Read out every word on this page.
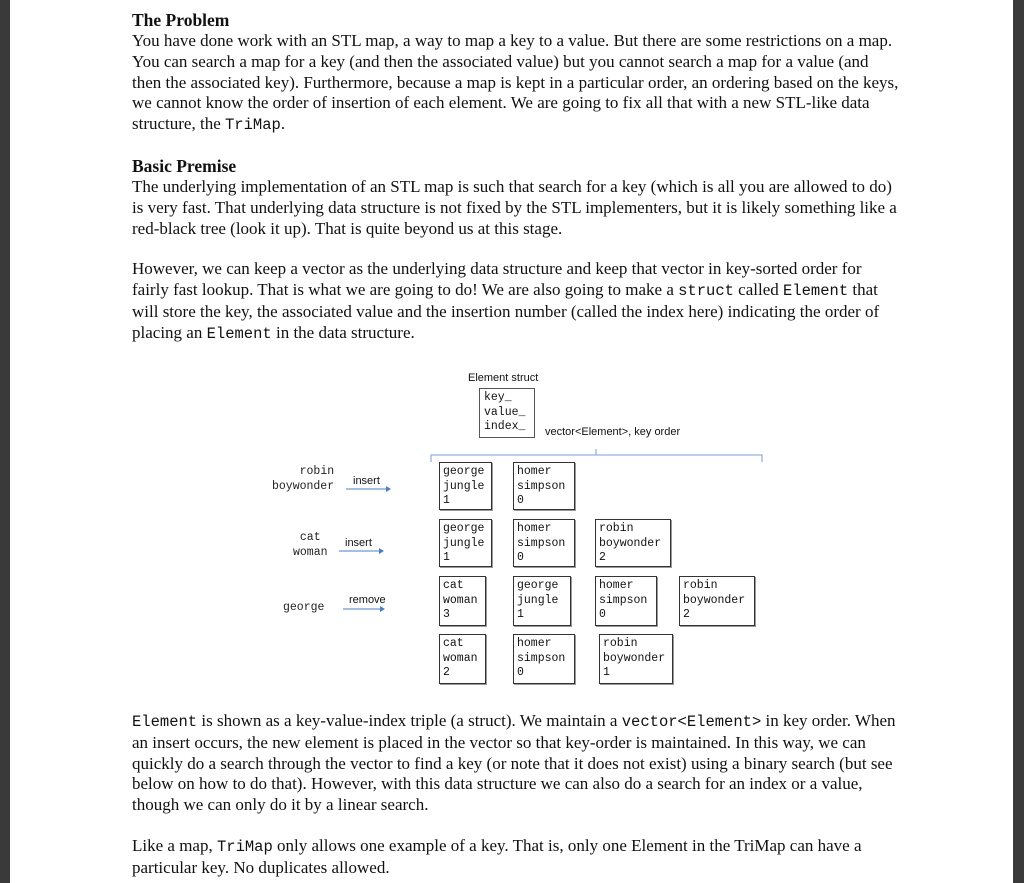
The Problem

You have done work with an STL map, a way to map a key to a value. But there are some restrictions on a map. You can search a map for a key (and then the associated value) but you cannot search a map for a value (and then the associated key). Furthermore, because a map is kept in a particular order, an ordering based on the keys, we cannot know the order of insertion of each element. We are going to fix all that with a new STL-like data structure, the TriMap.

Basic Premise

The underlying implementation of an STL map is such that search for a key (which is all you are allowed to do) is very fast. That underlying data structure is not fixed by the STL implementers, but it is likely something like a red-black tree (look it up). That is quite beyond us at this stage.

However, we can keep a vector as the underlying data structure and keep that vector in key-sorted order for fairly fast lookup. That is what we are going to do! We are also going to make a struct called Element that will store the key, the associated value and the insertion number (called the index here) indicating the order of placing an Element in the data structure.

Element struct
key_
value_
index_	vector<Element>, key order
robin
boywonder insert
cat
woman
insert
george
remove
george
jungle
1
homer
simpson
0
george
jungle
1
homer
simpson
0
robin
boywonder
2
cat
woman
3
george
jungle
1
homer
simpson
0
robin
boywonder
2
cat
woman
2
homer
simpson
0
robin
boywonder
1

Element is shown as a key-value-index triple (a struct). We maintain a vector<Element> in key order. When an insert occurs, the new element is placed in the vector so that key-order is maintained. In this way, we can quickly do a search through the vector to find a key (or note that it does not exist) using a binary search (but see below on how to do that). However, with this data structure we can also do a search for an index or a value, though we can only do it by a linear search.

Like a map, TriMap only allows one example of a key. That is, only one Element in the TriMap can have a particular key. No duplicates allowed.
